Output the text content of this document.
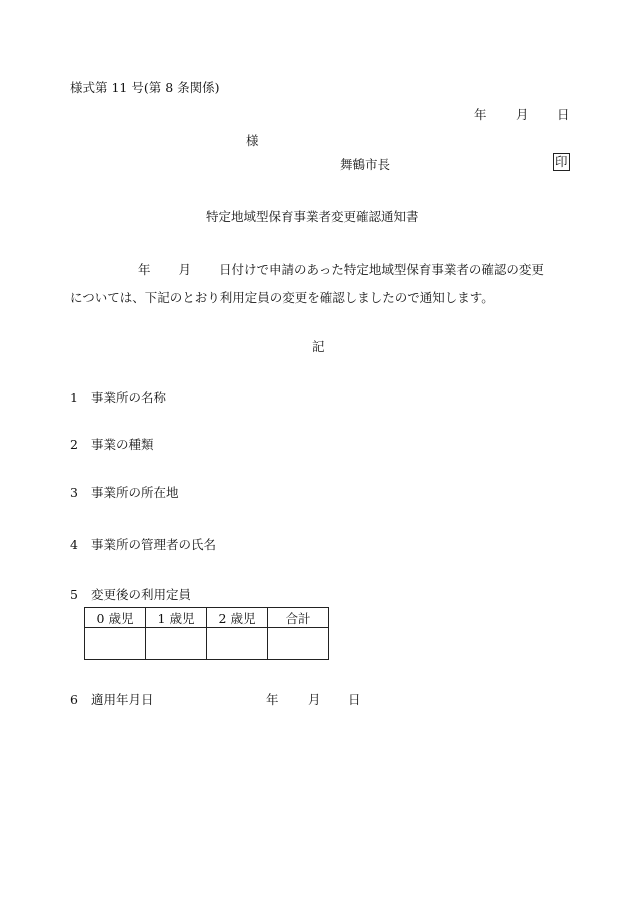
様式第 11 号(第 8 条関係)
年 月 日
様
舞鶴市長	印
特定地域型保育事業者変更確認通知書
年 月 日付けで申請のあった特定地域型保育事業者の確認の変更
については、下記のとおり利用定員の変更を確認しましたので通知します。
記
1 事業所の名称
2 事業の種類
3 事業所の所在地
4 事業所の管理者の氏名
5 変更後の利用定員
0 歳児	1 歳児	2 歳児	合計

6 適用年月日	年 月 日
